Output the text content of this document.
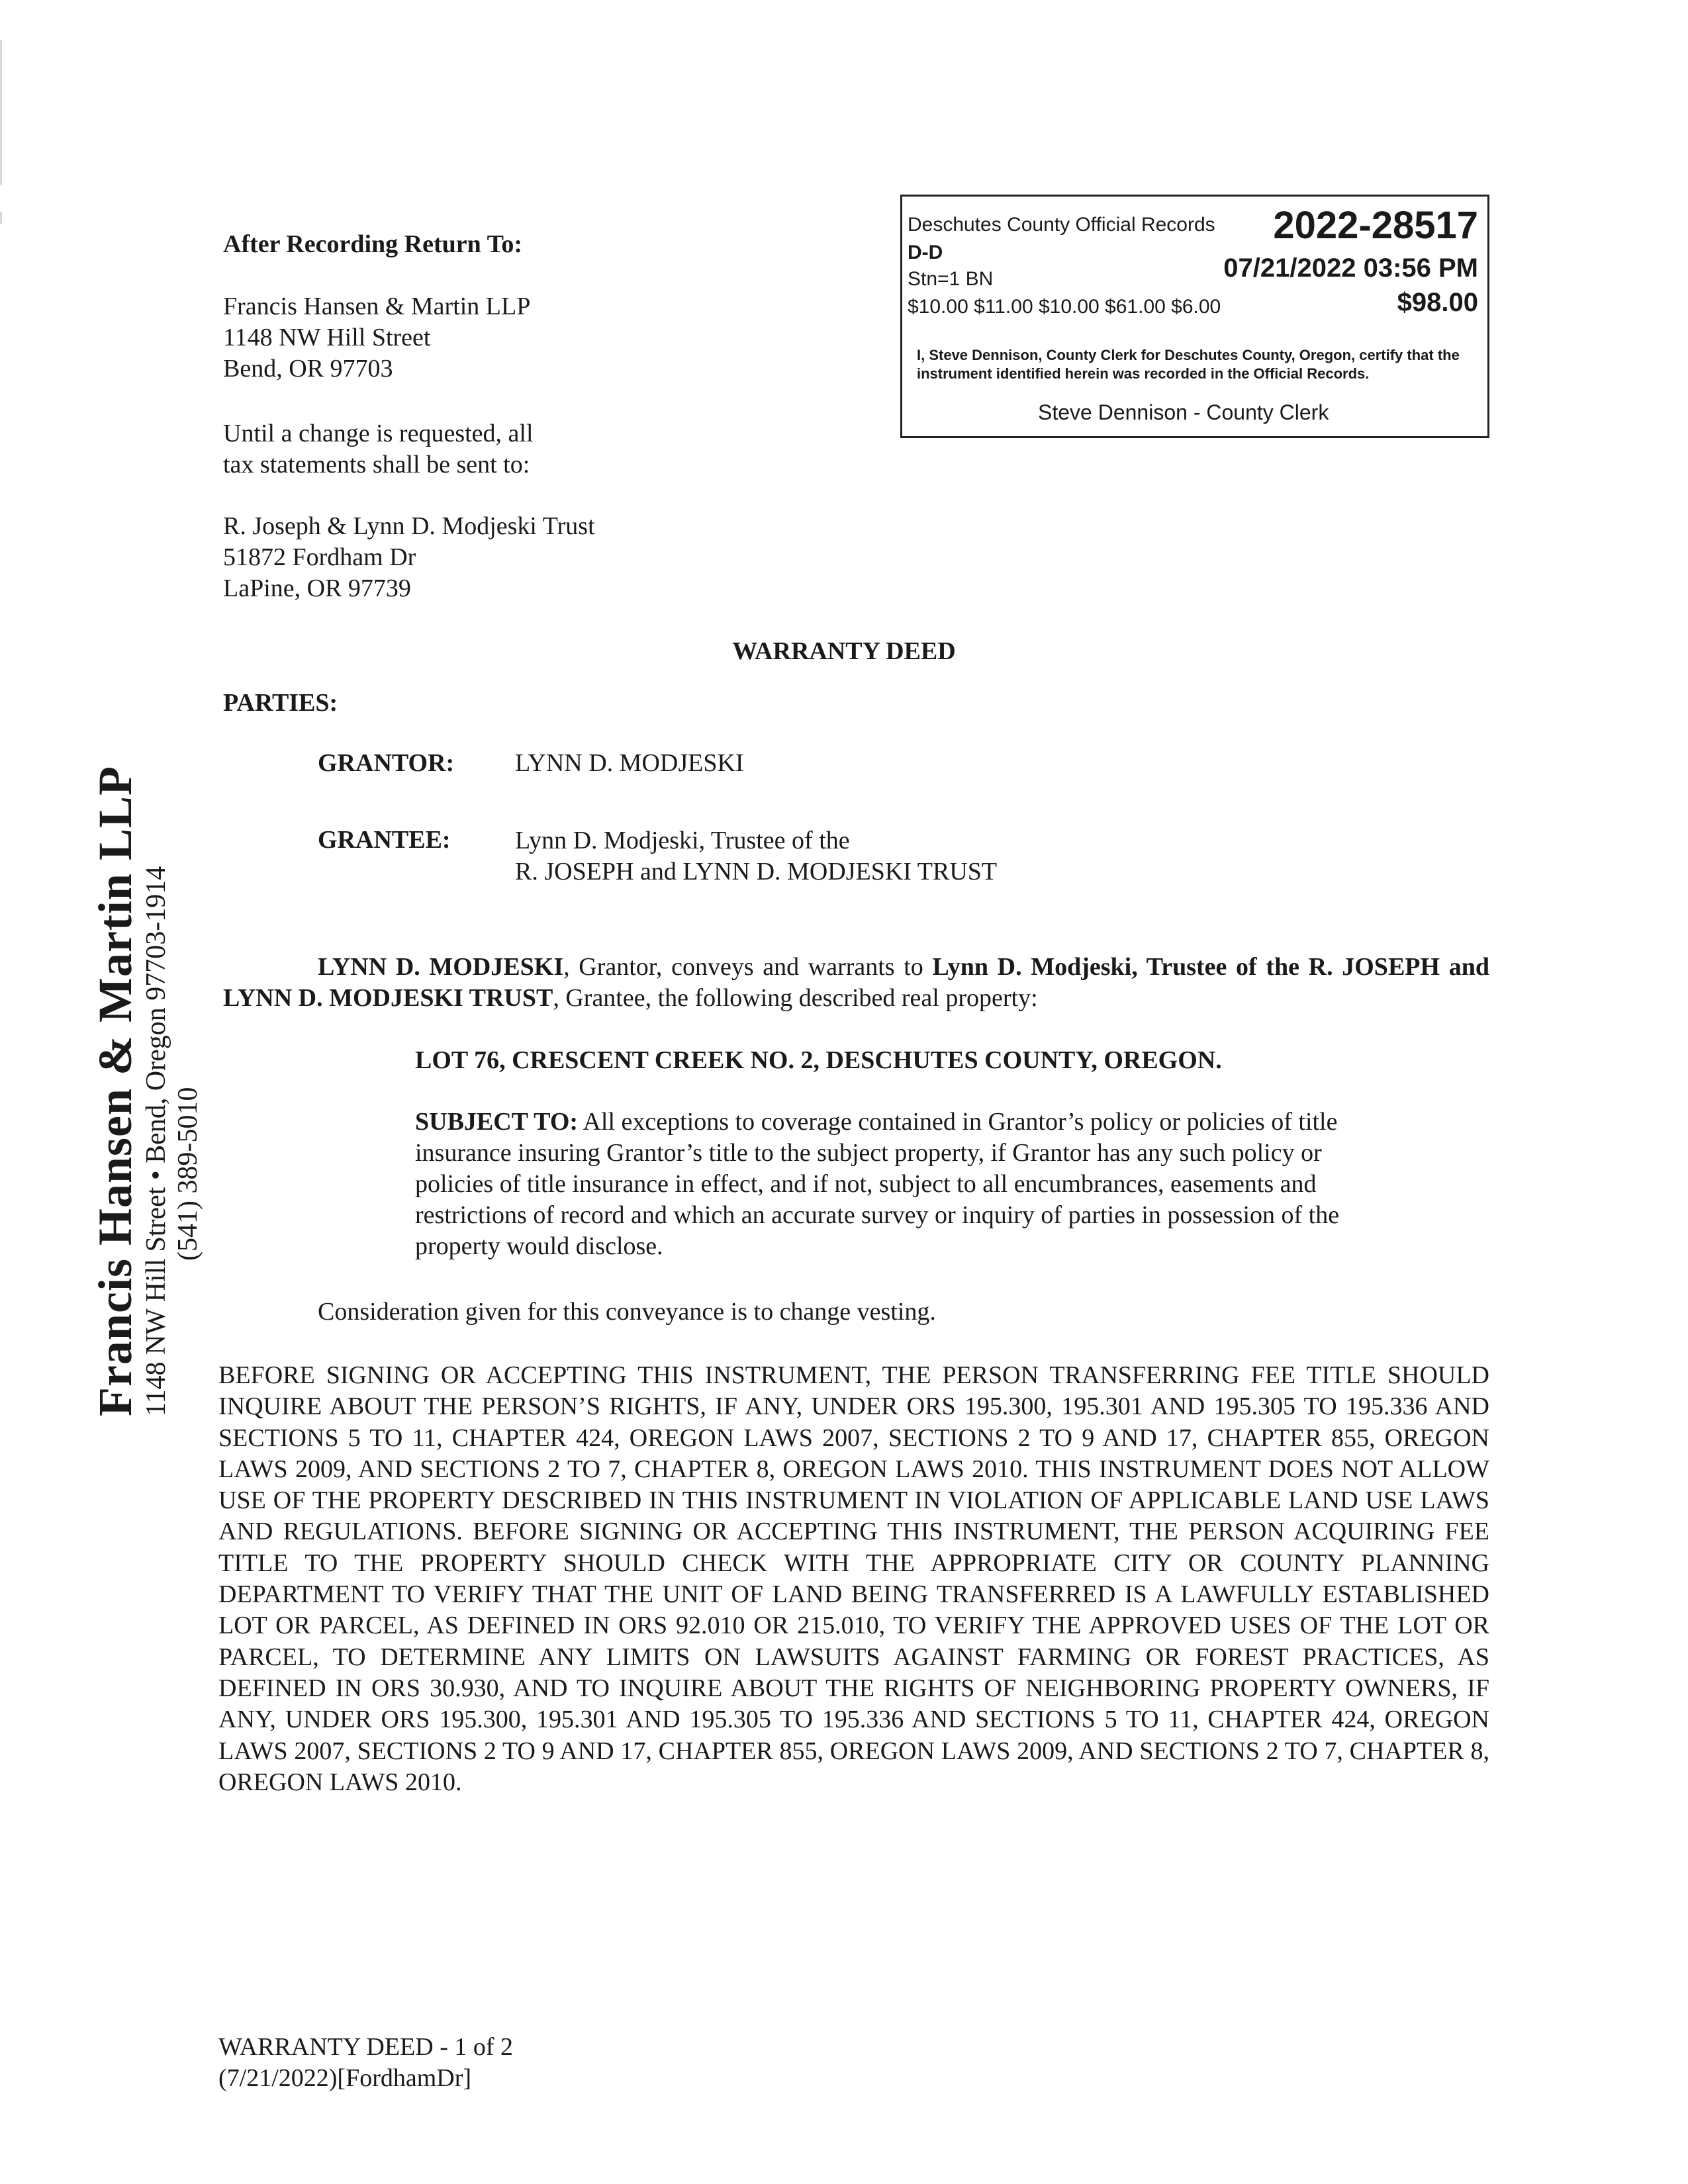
After Recording Return To:
Francis Hansen & Martin LLP
1148 NW Hill Street
Bend, OR 97703
Until a change is requested, all
tax statements shall be sent to:
R. Joseph & Lynn D. Modjeski Trust
51872 Fordham Dr
LaPine, OR 97739
Deschutes County Official Records 2022-28517
D-D
Stn=1 BN	07/21/2022 03:56 PM
$10.00 $11.00 $10.00 $61.00 $6.00	$98.00
I, Steve Dennison, County Clerk for Deschutes County, Oregon, certify that the instrument identified herein was recorded in the Official Records.
Steve Dennison - County Clerk
WARRANTY DEED
PARTIES:
GRANTOR: LYNN D. MODJESKI
GRANTEE:	Lynn D. Modjeski, Trustee of the
R. JOSEPH and LYNN D. MODJESKI TRUST

LYNN D. MODJESKI, Grantor, conveys and warrants to Lynn D. Modjeski, Trustee of the R. JOSEPH and LYNN D. MODJESKI TRUST, Grantee, the following described real property:

LOT 76, CRESCENT CREEK NO. 2, DESCHUTES COUNTY, OREGON.

SUBJECT TO: All exceptions to coverage contained in Grantor’s policy or policies of title insurance insuring Grantor’s title to the subject property, if Grantor has any such policy or policies of title insurance in effect, and if not, subject to all encumbrances, easements and restrictions of record and which an accurate survey or inquiry of parties in possession of the property would disclose.

Consideration given for this conveyance is to change vesting.

BEFORE SIGNING OR ACCEPTING THIS INSTRUMENT, THE PERSON TRANSFERRING FEE TITLE SHOULD INQUIRE ABOUT THE PERSON’S RIGHTS, IF ANY, UNDER ORS 195.300, 195.301 AND 195.305 TO 195.336 AND SECTIONS 5 TO 11, CHAPTER 424, OREGON LAWS 2007, SECTIONS 2 TO 9 AND 17, CHAPTER 855, OREGON LAWS 2009, AND SECTIONS 2 TO 7, CHAPTER 8, OREGON LAWS 2010. THIS INSTRUMENT DOES NOT ALLOW USE OF THE PROPERTY DESCRIBED IN THIS INSTRUMENT IN VIOLATION OF APPLICABLE LAND USE LAWS AND REGULATIONS. BEFORE SIGNING OR ACCEPTING THIS INSTRUMENT, THE PERSON ACQUIRING FEE TITLE TO THE PROPERTY SHOULD CHECK WITH THE APPROPRIATE CITY OR COUNTY PLANNING DEPARTMENT TO VERIFY THAT THE UNIT OF LAND BEING TRANSFERRED IS A LAWFULLY ESTABLISHED LOT OR PARCEL, AS DEFINED IN ORS 92.010 OR 215.010, TO VERIFY THE APPROVED USES OF THE LOT OR PARCEL, TO DETERMINE ANY LIMITS ON LAWSUITS AGAINST FARMING OR FOREST PRACTICES, AS DEFINED IN ORS 30.930, AND TO INQUIRE ABOUT THE RIGHTS OF NEIGHBORING PROPERTY OWNERS, IF ANY, UNDER ORS 195.300, 195.301 AND 195.305 TO 195.336 AND SECTIONS 5 TO 11, CHAPTER 424, OREGON LAWS 2007, SECTIONS 2 TO 9 AND 17, CHAPTER 855, OREGON LAWS 2009, AND SECTIONS 2 TO 7, CHAPTER 8, OREGON LAWS 2010.

WARRANTY DEED - 1 of 2
(7/21/2022)[FordhamDr]
Francis Hansen & Martin LLP 1148 NW Hill Street • Bend, Oregon 97703-1914 (541) 389-5010
